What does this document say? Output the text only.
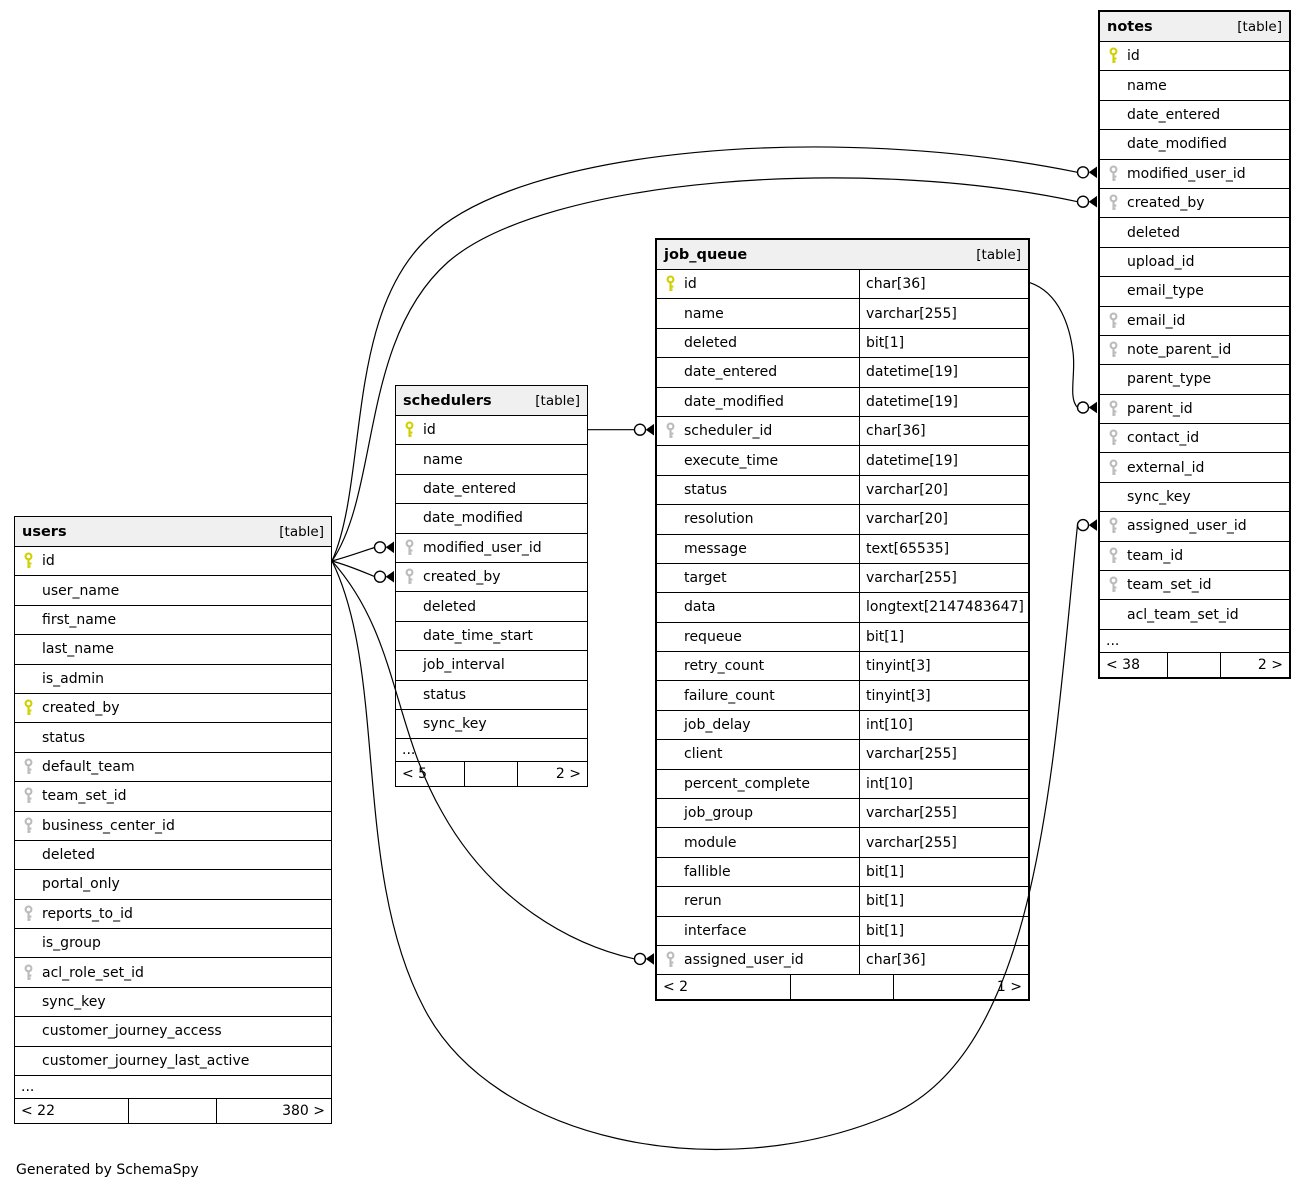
users	[table]
id
user_name
first_name
last_name
is_admin
created_by
status
default_team
team_set_id
business_center_id
deleted
portal_only
reports_to_id
is_group
acl_role_set_id
sync_key
customer_journey_access
customer_journey_last_active
...
< 22	380 >
schedulers	[table]
id
name
date_entered
date_modified
modified_user_id
created_by
deleted
date_time_start
job_interval
status
sync_key
...
< 5	2 >
job_queue	[table]
id	char[36]
name	varchar[255]
deleted	bit[1]
date_entered	datetime[19]
date_modified	datetime[19]
scheduler_id	char[36]
execute_time	datetime[19]
status	varchar[20]
resolution	varchar[20]
message	text[65535]
target	varchar[255]
data	longtext[2147483647]
requeue	bit[1]
retry_count	tinyint[3]
failure_count	tinyint[3]
job_delay	int[10]
client	varchar[255]
percent_complete	int[10]
job_group	varchar[255]
module	varchar[255]
fallible	bit[1]
rerun	bit[1]
interface	bit[1]
assigned_user_id	char[36]
< 2	1 >
notes	[table]
id
name
date_entered
date_modified
modified_user_id
created_by
deleted
upload_id
email_type
email_id
note_parent_id
parent_type
parent_id
contact_id
external_id
sync_key
assigned_user_id
team_id
team_set_id
acl_team_set_id
...
< 38	2 >
Generated by SchemaSpy
